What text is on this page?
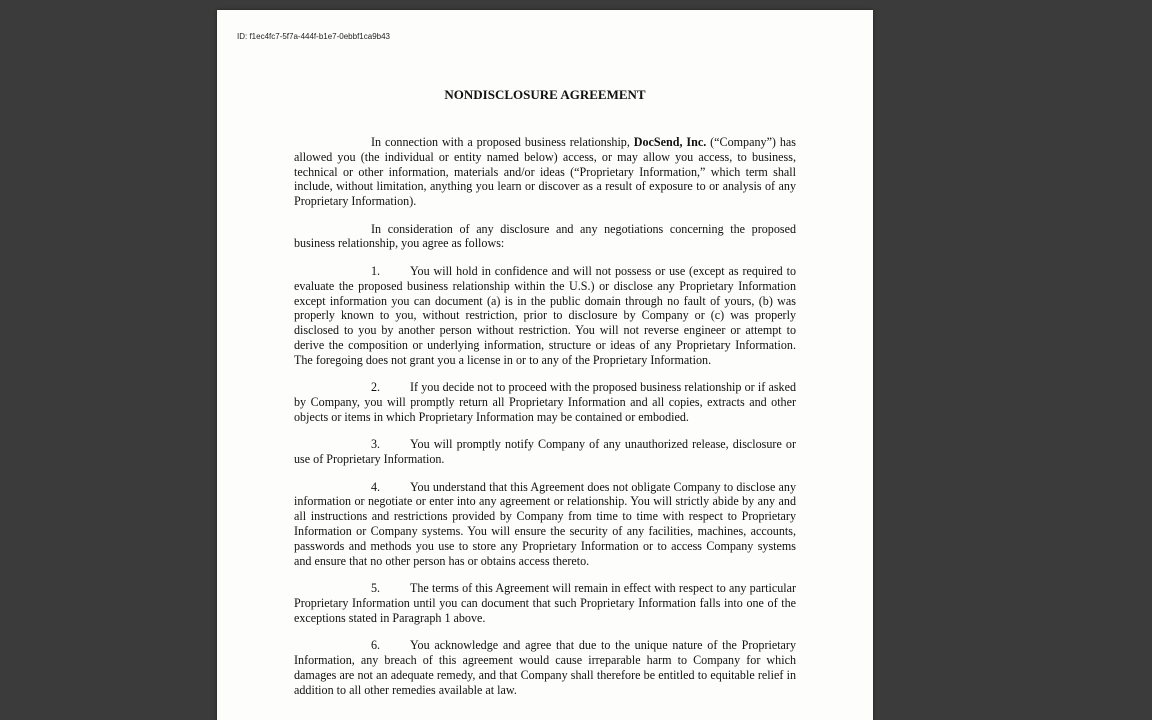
ID: f1ec4fc7-5f7a-444f-b1e7-0ebbf1ca9b43
NONDISCLOSURE AGREEMENT

In connection with a proposed business relationship, DocSend, Inc. (“Company”) has allowed you (the individual or entity named below) access, or may allow you access, to business, technical or other information, materials and/or ideas (“Proprietary Information,” which term shall include, without limitation, anything you learn or discover as a result of exposure to or analysis of any Proprietary Information).

In consideration of any disclosure and any negotiations concerning the proposed business relationship, you agree as follows:

1. You will hold in confidence and will not possess or use (except as required to evaluate the proposed business relationship within the U.S.) or disclose any Proprietary Information except information you can document (a) is in the public domain through no fault of yours, (b) was properly known to you, without restriction, prior to disclosure by Company or (c) was properly disclosed to you by another person without restriction. You will not reverse engineer or attempt to derive the composition or underlying information, structure or ideas of any Proprietary Information. The foregoing does not grant you a license in or to any of the Proprietary Information.

2. If you decide not to proceed with the proposed business relationship or if asked by Company, you will promptly return all Proprietary Information and all copies, extracts and other objects or items in which Proprietary Information may be contained or embodied.

3. You will promptly notify Company of any unauthorized release, disclosure or use of Proprietary Information.

4. You understand that this Agreement does not obligate Company to disclose any information or negotiate or enter into any agreement or relationship. You will strictly abide by any and all instructions and restrictions provided by Company from time to time with respect to Proprietary Information or Company systems. You will ensure the security of any facilities, machines, accounts, passwords and methods you use to store any Proprietary Information or to access Company systems and ensure that no other person has or obtains access thereto.

5. The terms of this Agreement will remain in effect with respect to any particular Proprietary Information until you can document that such Proprietary Information falls into one of the exceptions stated in Paragraph 1 above.

6. You acknowledge and agree that due to the unique nature of the Proprietary Information, any breach of this agreement would cause irreparable harm to Company for which damages are not an adequate remedy, and that Company shall therefore be entitled to equitable relief in addition to all other remedies available at law.
